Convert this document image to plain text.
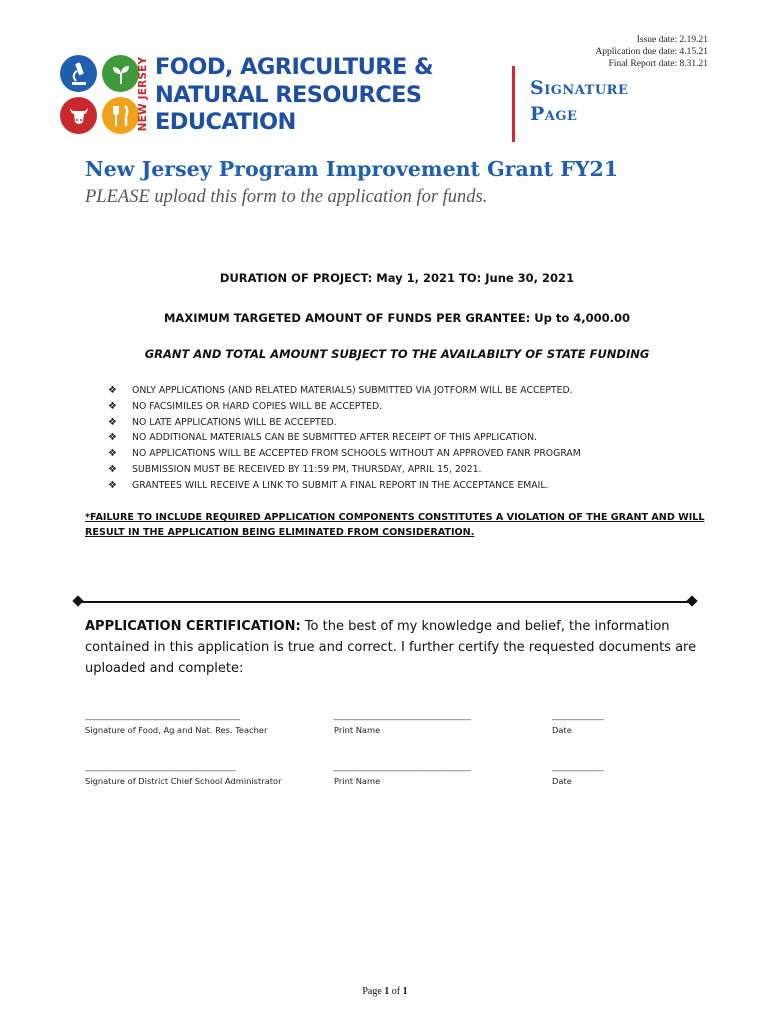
Issue date: 2.19.21
Application due date: 4.15.21
Final Report date: 8.31.21
NEW JERSEY FOOD, AGRICULTURE &
NATURAL RESOURCES
EDUCATION
Signature
Page
New Jersey Program Improvement Grant FY21
PLEASE upload this form to the application for funds.
DURATION OF PROJECT: May 1, 2021 TO: June 30, 2021
MAXIMUM TARGETED AMOUNT OF FUNDS PER GRANTEE: Up to 4,000.00
GRANT AND TOTAL AMOUNT SUBJECT TO THE AVAILABILTY OF STATE FUNDING
❖	ONLY APPLICATIONS (AND RELATED MATERIALS) SUBMITTED VIA JOTFORM WILL BE ACCEPTED.
❖	NO FACSIMILES OR HARD COPIES WILL BE ACCEPTED.
❖	NO LATE APPLICATIONS WILL BE ACCEPTED.
❖	NO ADDITIONAL MATERIALS CAN BE SUBMITTED AFTER RECEIPT OF THIS APPLICATION.
❖	NO APPLICATIONS WILL BE ACCEPTED FROM SCHOOLS WITHOUT AN APPROVED FANR PROGRAM
❖	SUBMISSION MUST BE RECEIVED BY 11:59 PM, THURSDAY, APRIL 15, 2021.
❖	GRANTEES WILL RECEIVE A LINK TO SUBMIT A FINAL REPORT IN THE ACCEPTANCE EMAIL.
*FAILURE TO INCLUDE REQUIRED APPLICATION COMPONENTS CONSTITUTES A VIOLATION OF THE GRANT AND WILL RESULT IN THE APPLICATION BEING ELIMINATED FROM CONSIDERATION.
APPLICATION CERTIFICATION: To the best of my knowledge and belief, the information contained in this application is true and correct. I further certify the requested documents are uploaded and complete:
____________________________________	________________________________	____________
Signature of Food, Ag and Nat. Res. Teacher	Print Name	Date
___________________________________	________________________________	____________
Signature of District Chief School Administrator	Print Name	Date
Page 1 of 1
